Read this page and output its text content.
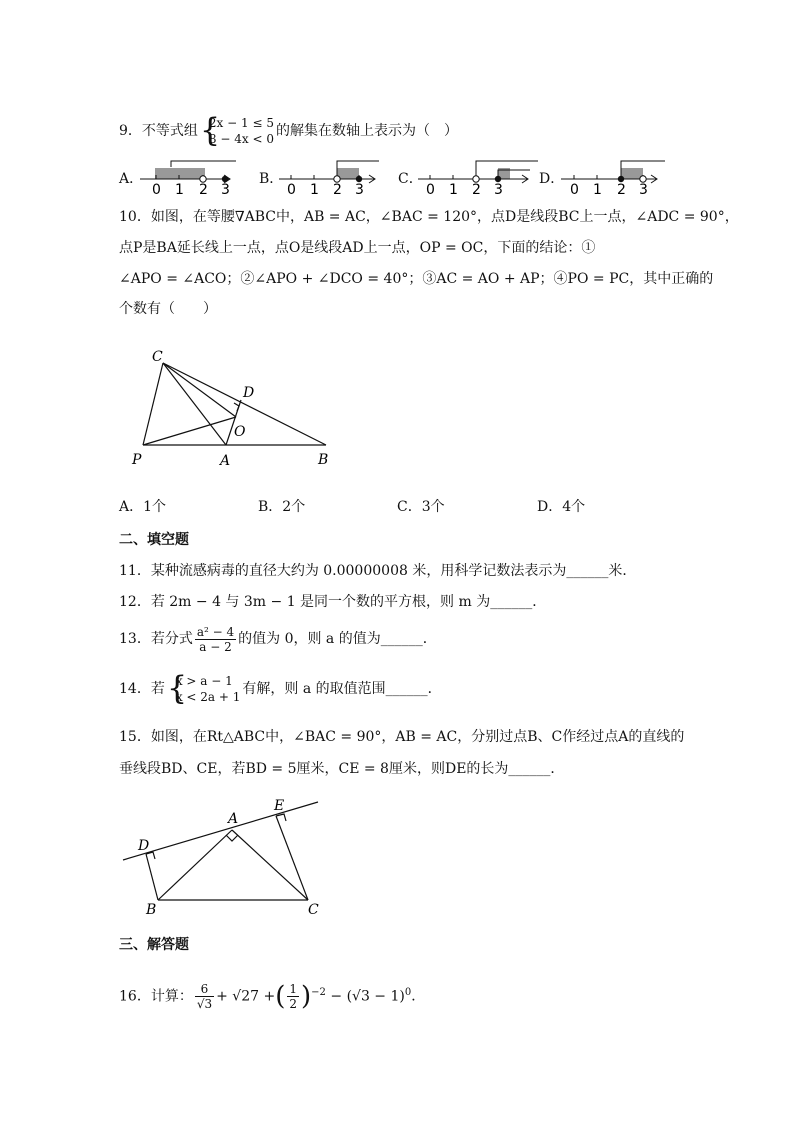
9．不等式组 {
2x − 1 ≤ 5
8 − 4x < 0 的解集在数轴上表示为（　）
A．	B．	C．	D．
0 1 2 3	0 1 2 3	0 1 2 3	0 1 2 3
10．如图，在等腰∇ABC中，AB = AC，∠BAC = 120°，点D是线段BC上一点，∠ADC = 90°，
点P是BA延长线上一点，点O是线段AD上一点，OP = OC，下面的结论：①
∠APO = ∠ACO；②∠APO + ∠DCO = 40°；③AC = AO + AP；④PO = PC，其中正确的
个数有（　　）
C
D
O
P	A	B
A．1个	B．2个	C．3个	D．4个
二、填空题
11．某种流感病毒的直径大约为 0.00000008 米，用科学记数法表示为______米．
12．若 2m − 4 与 3m − 1 是同一个数的平方根，则 m 为______．
13．若分式 $\frac{\text{a² − 4}}{a - 2}$ 的值为 0，则 a 的值为______．
14．若 {
x > a − 1
x < 2a + 1 有解，则 a 的取值范围______．
15．如图，在Rt△ABC中，∠BAC = 90°，AB = AC，分别过点B、C作经过点A的直线的
垂线段BD、CE，若BD = 5厘米，CE = 8厘米，则DE的长为______．
D
A
E
B	C
三、解答题
16．计算： $\frac{6}{√3} + √27$ +( $\frac{1}{2} )^{-2} - (√3 - 1)^0$．
